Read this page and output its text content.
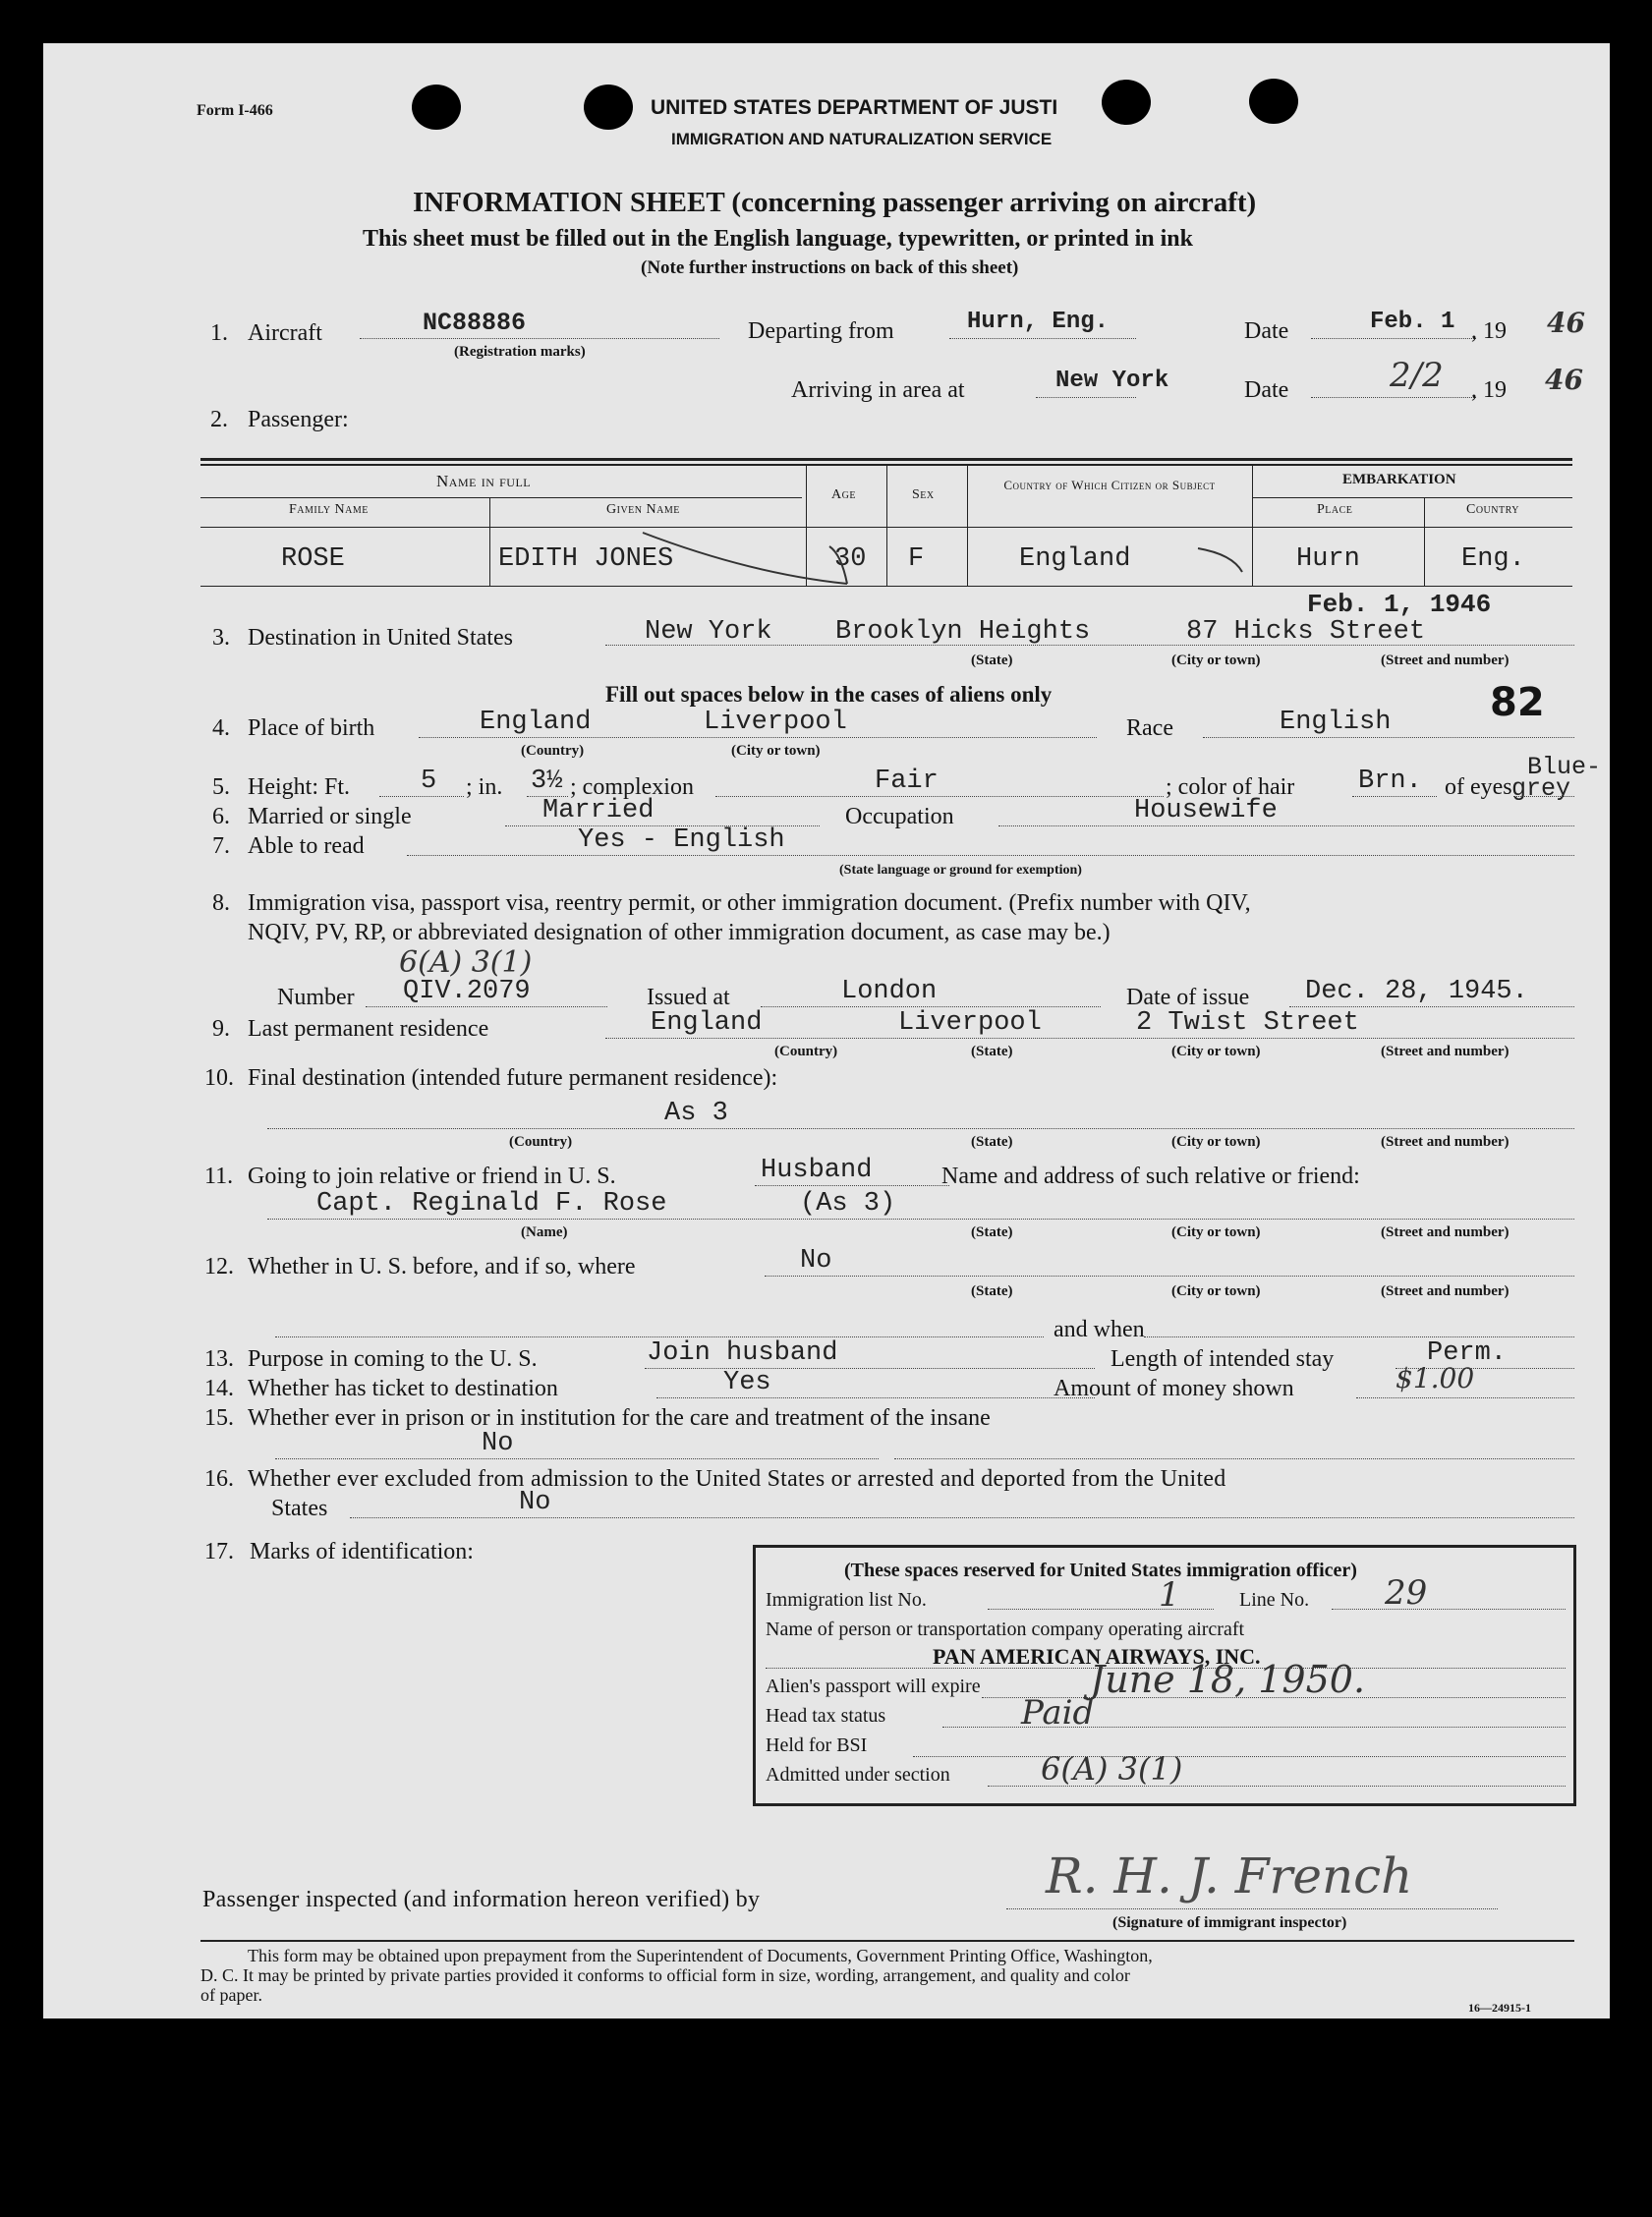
Form I-466	UNITED STATES DEPARTMENT OF JUSTI
IMMIGRATION AND NATURALIZATION SERVICE
INFORMATION SHEET (concerning passenger arriving on aircraft)
This sheet must be filled out in the English language, typewritten, or printed in ink
(Note further instructions on back of this sheet)
1. Aircraft	NC88886
(Registration marks)
Departing from	Hurn, Eng.	Date	Feb. 1 , 19 46
Arriving in area at	New York	Date	2/2 , 19 46
2. Passenger:
Name in full
Family Name	Given Name
Age	Sex
Country of Which Citizen or Subject	EMBARKATION
Place	Country
ROSE	EDITH JONES	30 F	England	Hurn	Eng.
Feb. 1, 1946
3. Destination in United States	New York Brooklyn Heights	87 Hicks Street
(State)	(City or town)	(Street and number)
Fill out spaces below in the cases of aliens only	82
4. Place of birth	England	Liverpool
(Country)	(City or town)
Race	English
5. Height: Ft.	5 ; in. 3½ ; complexion	Fair	; color of hair Brn. of eyes
Blue-
grey
6. Married or single	Married	Occupation	Housewife
7. Able to read	Yes - English
(State language or ground for exemption)
8. Immigration visa, passport visa, reentry permit, or other immigration document. (Prefix number with QIV,
NQIV, PV, RP, or abbreviated designation of other immigration document, as case may be.)
6(A) 3(1)
Number QIV.2079	Issued at	London	Date of issue Dec. 28, 1945.
9. Last permanent residence	England	Liverpool	2 Twist Street
(Country)	(State)	(City or town)	(Street and number)
10. Final destination (intended future permanent residence):
As 3
(Country)	(State)	(City or town)	(Street and number)
11. Going to join relative or friend in U. S.	Husband	Name and address of such relative or friend:
Capt. Reginald F. Rose	(As 3)
(Name)	(State)	(City or town)	(Street and number)
12. Whether in U. S. before, and if so, where	No
(State)	(City or town)	(Street and number)
and when
13. Purpose in coming to the U. S.	Join husband	Length of intended stay	Perm.
14. Whether has ticket to destination	Yes	Amount of money shown	$1.00
15. Whether ever in prison or in institution for the care and treatment of the insane
No
16. Whether ever excluded from admission to the United States or arrested and deported from the United
States	No
17. Marks of identification:
(These spaces reserved for United States immigration officer)
Immigration list No.	1	Line No. 29
Name of person or transportation company operating aircraft
PAN AMERICAN AIRWAYS, INC.
Alien's passport will expire	June 18, 1950.
Head tax status	Paid
Held for BSI
Admitted under section	6(A) 3(1)
Passenger inspected (and information hereon verified) by	R. H. J. French
(Signature of immigrant inspector)
This form may be obtained upon prepayment from the Superintendent of Documents, Government Printing Office, Washington,
D. C. It may be printed by private parties provided it conforms to official form in size, wording, arrangement, and quality and color
of paper.
16—24915-1
